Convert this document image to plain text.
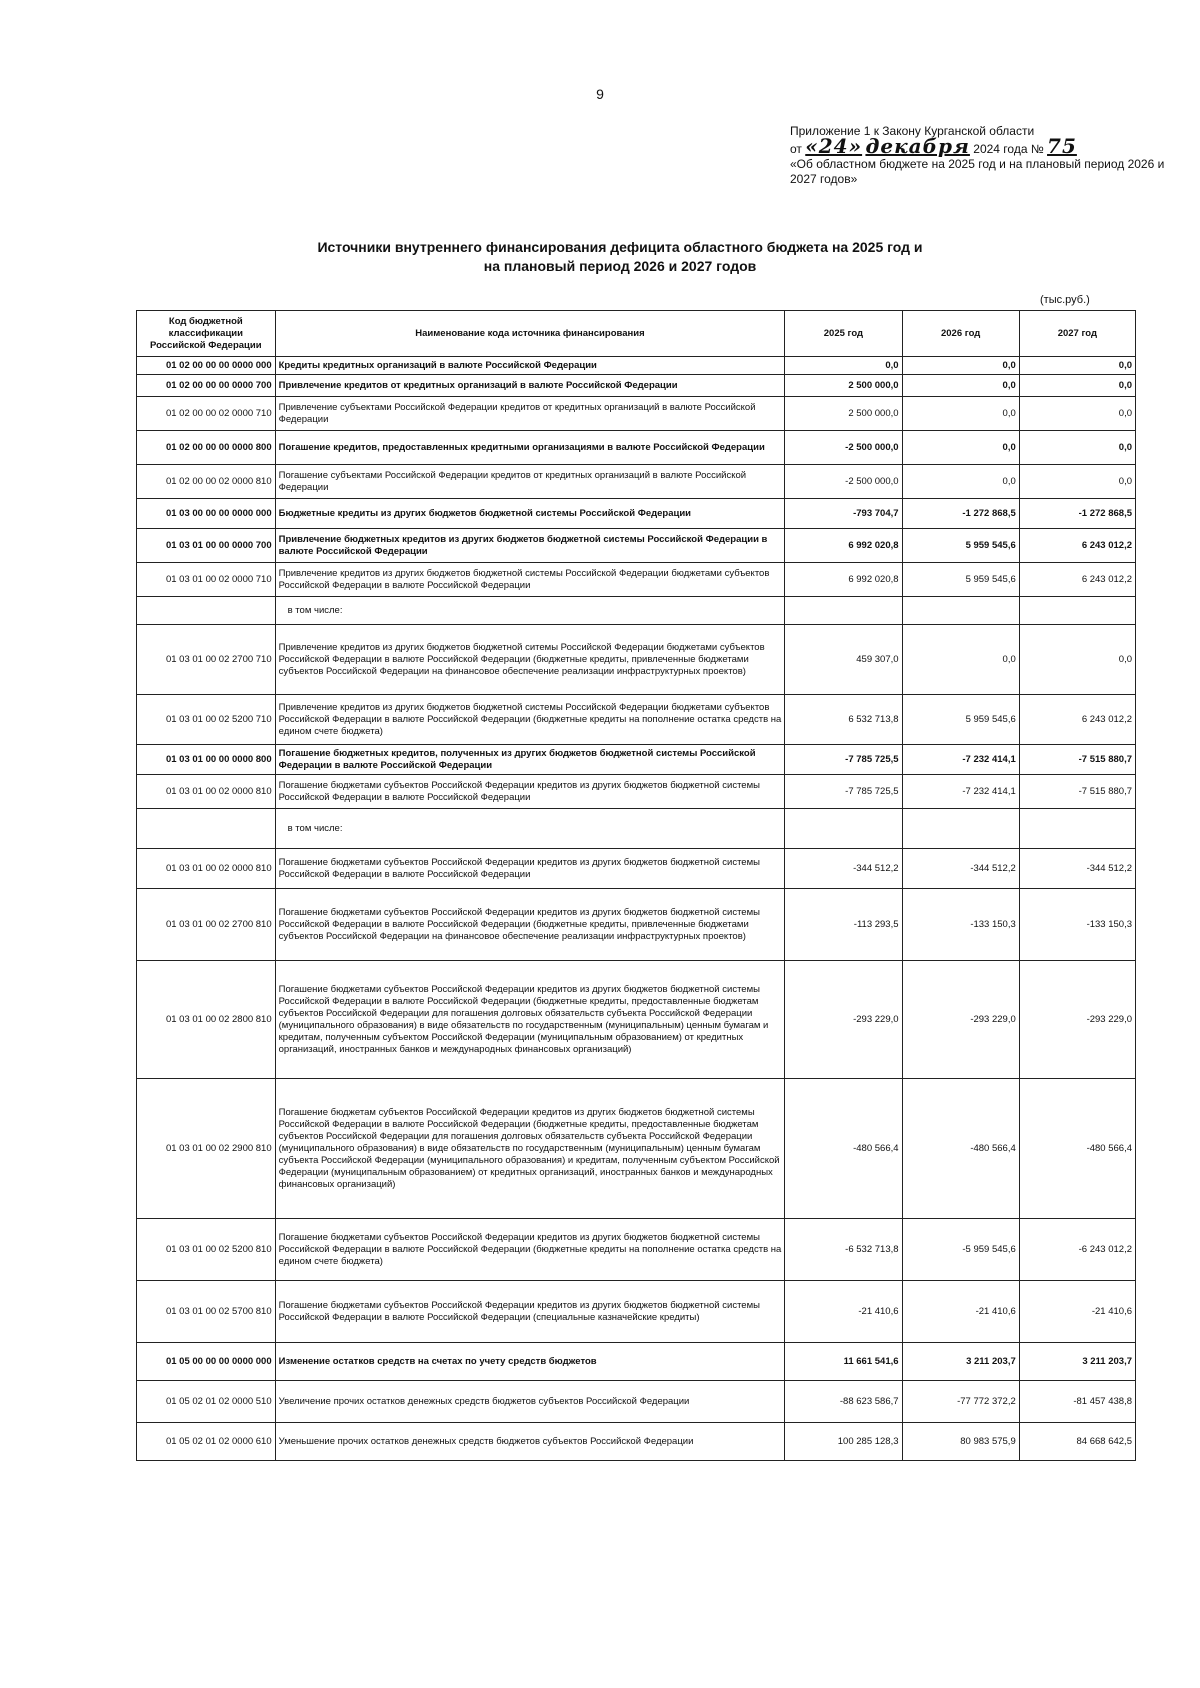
9
Приложение 1 к Закону Курганской области
от «24» декабря 2024 года № 75
«Об областном бюджете на 2025 год и на плановый период 2026 и 2027 годов»
Источники внутреннего финансирования дефицита областного бюджета на 2025 год и
на плановый период 2026 и 2027 годов
(тыс.руб.)
Код бюджетной классификации Российской Федерации	Наименование кода источника финансирования	2025 год	2026 год	2027 год
01 02 00 00 00 0000 000	Кредиты кредитных организаций в валюте Российской Федерации	0,0	0,0	0,0
01 02 00 00 00 0000 700	Привлечение кредитов от кредитных организаций в валюте Российской Федерации	2 500 000,0	0,0	0,0
01 02 00 00 02 0000 710	Привлечение субъектами Российской Федерации кредитов от кредитных организаций в валюте Российской Федерации	2 500 000,0	0,0	0,0
01 02 00 00 00 0000 800	Погашение кредитов, предоставленных кредитными организациями в валюте Российской Федерации	-2 500 000,0	0,0	0,0
01 02 00 00 02 0000 810	Погашение субъектами Российской Федерации кредитов от кредитных организаций в валюте Российской Федерации	-2 500 000,0	0,0	0,0
01 03 00 00 00 0000 000	Бюджетные кредиты из других бюджетов бюджетной системы Российской Федерации	-793 704,7	-1 272 868,5	-1 272 868,5
01 03 01 00 00 0000 700	Привлечение бюджетных кредитов из других бюджетов бюджетной системы Российской Федерации в валюте Российской Федерации	6 992 020,8	5 959 545,6	6 243 012,2
01 03 01 00 02 0000 710	Привлечение кредитов из других бюджетов бюджетной системы Российской Федерации бюджетами субъектов Российской Федерации в валюте Российской Федерации	6 992 020,8	5 959 545,6	6 243 012,2
	в том числе:			
01 03 01 00 02 2700 710	Привлечение кредитов из других бюджетов бюджетной ситемы Российской Федерации бюджетами субъектов Российской Федерации в валюте Российской Федерации (бюджетные кредиты, привлеченные бюджетами субъектов Российской Федерации на финансовое обеспечение реализации инфраструктурных проектов)	459 307,0	0,0	0,0
01 03 01 00 02 5200 710	Привлечение кредитов из других бюджетов бюджетной системы Российской Федерации бюджетами субъектов Российской Федерации в валюте Российской Федерации (бюджетные кредиты на пополнение остатка средств на едином счете бюджета)	6 532 713,8	5 959 545,6	6 243 012,2
01 03 01 00 00 0000 800	Погашение бюджетных кредитов, полученных из других бюджетов бюджетной системы Российской Федерации в валюте Российской Федерации	-7 785 725,5	-7 232 414,1	-7 515 880,7
01 03 01 00 02 0000 810	Погашение бюджетами субъектов Российской Федерации кредитов из других бюджетов бюджетной системы Российской Федерации в валюте Российской Федерации	-7 785 725,5	-7 232 414,1	-7 515 880,7
	в том числе:			
01 03 01 00 02 0000 810	Погашение бюджетами субъектов Российской Федерации кредитов из других бюджетов бюджетной системы Российской Федерации в валюте Российской Федерации	-344 512,2	-344 512,2	-344 512,2
01 03 01 00 02 2700 810	Погашение бюджетами субъектов Российской Федерации кредитов из других бюджетов бюджетной системы Российской Федерации в валюте Российской Федерации (бюджетные кредиты, привлеченные бюджетами субъектов Российской Федерации на финансовое обеспечение реализации инфраструктурных проектов)	-113 293,5	-133 150,3	-133 150,3
01 03 01 00 02 2800 810	Погашение бюджетами субъектов Российской Федерации кредитов из других бюджетов бюджетной системы Российской Федерации в валюте Российской Федерации (бюджетные кредиты, предоставленные бюджетам субъектов Российской Федерации для погашения долговых обязательств субъекта Российской Федерации (муниципального образования) в виде обязательств по государственным (муниципальным) ценным бумагам и кредитам, полученным субъектом Российской Федерации (муниципальным образованием) от кредитных организаций, иностранных банков и международных финансовых организаций)	-293 229,0	-293 229,0	-293 229,0
01 03 01 00 02 2900 810	Погашение бюджетам субъектов Российской Федерации кредитов из других бюджетов бюджетной системы Российской Федерации в валюте Российской Федерации (бюджетные кредиты, предоставленные бюджетам субъектов Российской Федерации для погашения долговых обязательств субъекта Российской Федерации (муниципального образования) в виде обязательств по государственным (муниципальным) ценным бумагам субъекта Российской Федерации (муниципального образования) и кредитам, полученным субъектом Российской Федерации (муниципальным образованием) от кредитных организаций, иностранных банков и международных финансовых организаций)	-480 566,4	-480 566,4	-480 566,4
01 03 01 00 02 5200 810	Погашение бюджетами субъектов Российской Федерации кредитов из других бюджетов бюджетной системы Российской Федерации в валюте Российской Федерации (бюджетные кредиты на пополнение остатка средств на едином счете бюджета)	-6 532 713,8	-5 959 545,6	-6 243 012,2
01 03 01 00 02 5700 810	Погашение бюджетами субъектов Российской Федерации кредитов из других бюджетов бюджетной системы Российской Федерации в валюте Российской Федерации (специальные казначейские кредиты)	-21 410,6	-21 410,6	-21 410,6
01 05 00 00 00 0000 000	Изменение остатков средств на счетах по учету средств бюджетов	11 661 541,6	3 211 203,7	3 211 203,7
01 05 02 01 02 0000 510	Увеличение прочих остатков денежных средств бюджетов субъектов Российской Федерации	-88 623 586,7	-77 772 372,2	-81 457 438,8
01 05 02 01 02 0000 610	Уменьшение прочих остатков денежных средств бюджетов субъектов Российской Федерации	100 285 128,3	80 983 575,9	84 668 642,5
